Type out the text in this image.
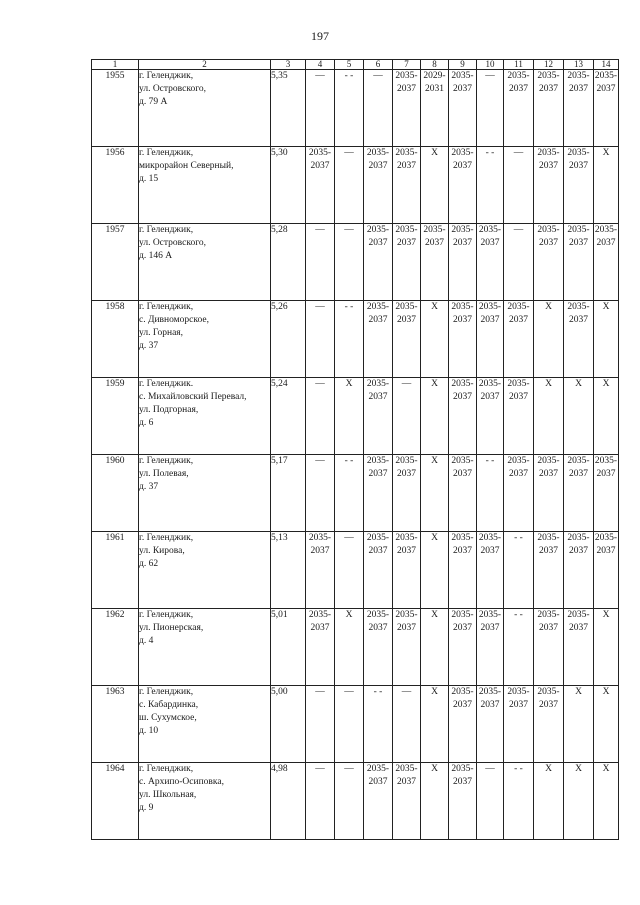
197
1	2	3	4	5	6	7	8	9	10	11	12	13	14
1955	г. Геленджик,
ул. Островского,
д. 79 А	5,35	—	- -	—	2035-
2037	2029-
2031	2035-
2037	—	2035-
2037	2035-
2037	2035-
2037	2035-
2037

1956	г. Геленджик,
микрорайон Северный,
д. 15	5,30	2035-
2037	—	2035-
2037	2035-
2037	X	2035-
2037	- -	—	2035-
2037	2035-
2037	X

1957	г. Геленджик,
ул. Островского,
д. 146 А	5,28	—	—	2035-
2037	2035-
2037	2035-
2037	2035-
2037	2035-
2037	—	2035-
2037	2035-
2037	2035-
2037

1958	г. Геленджик,
с. Дивноморское,
ул. Горная,
д. 37	5,26	—	- -	2035-
2037	2035-
2037	X	2035-
2037	2035-
2037	2035-
2037	X	2035-
2037	X

1959	г. Геленджик.
с. Михайловский Перевал,
ул. Подгорная,
д. 6	5,24	—	X	2035-
2037	—	X	2035-
2037	2035-
2037	2035-
2037	X	X	X

1960	г. Геленджик,
ул. Полевая,
д. 37	5,17	—	- -	2035-
2037	2035-
2037	X	2035-
2037	- -	2035-
2037	2035-
2037	2035-
2037	2035-
2037

1961	г. Геленджик,
ул. Кирова,
д. 62	5,13	2035-
2037	—	2035-
2037	2035-
2037	X	2035-
2037	2035-
2037	- -	2035-
2037	2035-
2037	2035-
2037

1962	г. Геленджик,
ул. Пионерская,
д. 4	5,01	2035-
2037	X	2035-
2037	2035-
2037	X	2035-
2037	2035-
2037	- -	2035-
2037	2035-
2037	X

1963	г. Геленджик,
с. Кабардинка,
ш. Сухумское,
д. 10	5,00	—	—	- -	—	X	2035-
2037	2035-
2037	2035-
2037	2035-
2037	X	X

1964	г. Геленджик,
с. Архипо-Осиповка,
ул. Школьная,
д. 9	4,98	—	—	2035-
2037	2035-
2037	X	2035-
2037	—	- -	X	X	X
